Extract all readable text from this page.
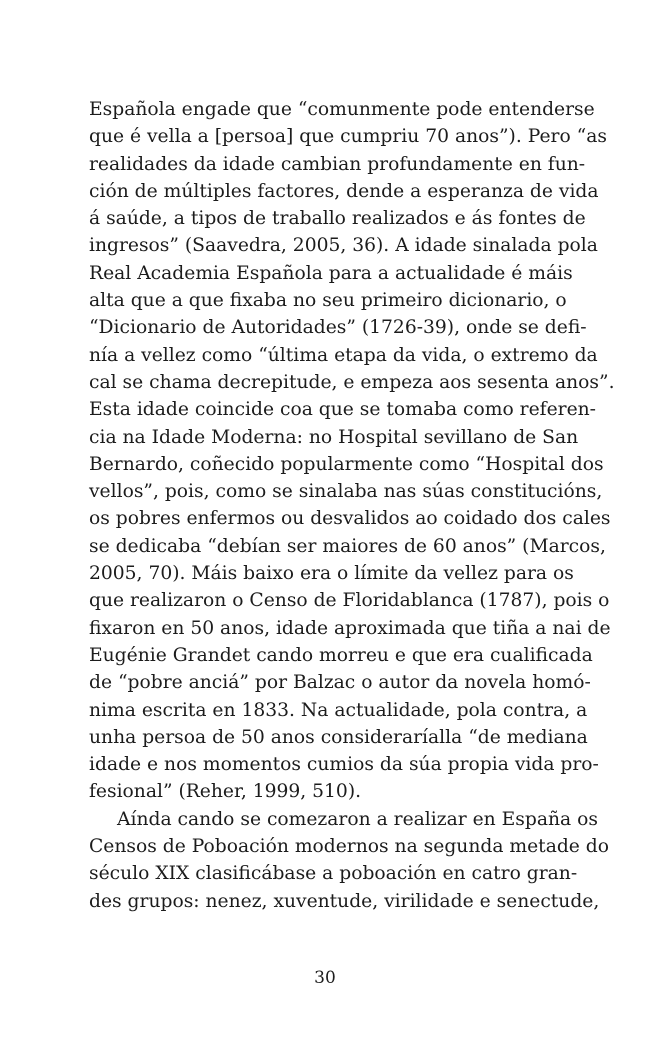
Española engade que “comunmente pode entenderse
que é vella a [persoa] que cumpriu 70 anos”). Pero “as
realidades da idade cambian profundamente en fun-
ción de múltiples factores, dende a esperanza de vida
á saúde, a tipos de traballo realizados e ás fontes de
ingresos” (Saavedra, 2005, 36). A idade sinalada pola
Real Academia Española para a actualidade é máis
alta que a que fixaba no seu primeiro dicionario, o
“Dicionario de Autoridades” (1726-39), onde se defi-
nía a vellez como “última etapa da vida, o extremo da
cal se chama decrepitude, e empeza aos sesenta anos”.
Esta idade coincide coa que se tomaba como referen-
cia na Idade Moderna: no Hospital sevillano de San
Bernardo, coñecido popularmente como “Hospital dos
vellos”, pois, como se sinalaba nas súas constitucións,
os pobres enfermos ou desvalidos ao coidado dos cales
se dedicaba “debían ser maiores de 60 anos” (Marcos,
2005, 70). Máis baixo era o límite da vellez para os
que realizaron o Censo de Floridablanca (1787), pois o
fixaron en 50 anos, idade aproximada que tiña a nai de
Eugénie Grandet cando morreu e que era cualificada
de “pobre anciá” por Balzac o autor da novela homó-
nima escrita en 1833. Na actualidade, pola contra, a
unha persoa de 50 anos consideraríalla “de mediana
idade e nos momentos cumios da súa propia vida pro-
fesional” (Reher, 1999, 510).
Aínda cando se comezaron a realizar en España os
Censos de Poboación modernos na segunda metade do
século XIX clasificábase a poboación en catro gran-
des grupos: nenez, xuventude, virilidade e senectude,
30
